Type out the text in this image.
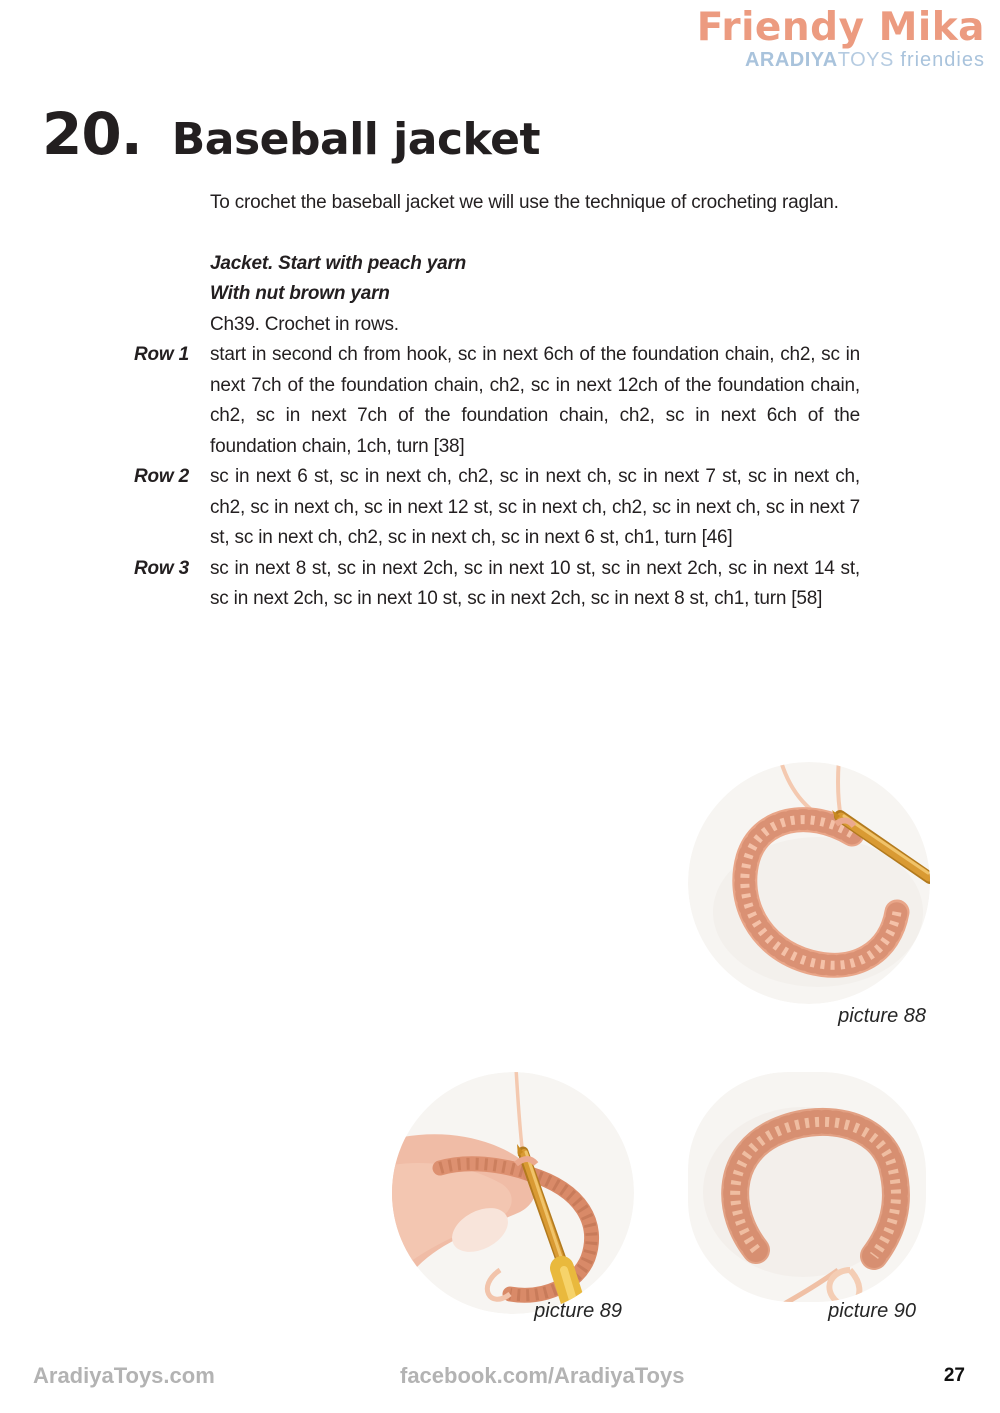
Friendy Mika
ARADIYATOYS friendies
20. Baseball jacket

To crochet the baseball jacket we will use the technique of crocheting raglan.

Jacket. Start with peach yarn

With nut brown yarn

Ch39. Crochet in rows.

Row 1 start in second ch from hook, sc in next 6ch of the foundation chain, ch2, sc in next 7ch of the foundation chain, ch2, sc in next 12ch of the foundation chain, ch2, sc in next 7ch of the foundation chain, ch2, sc in next 6ch of the foundation chain, 1ch, turn [38]
Row 2 sc in next 6 st, sc in next ch, ch2, sc in next ch, sc in next 7 st, sc in next ch, ch2, sc in next ch, sc in next 12 st, sc in next ch, ch2, sc in next ch, sc in next 7 st, sc in next ch, ch2, sc in next ch, sc in next 6 st, ch1, turn [46]
Row 3 sc in next 8 st, sc in next 2ch, sc in next 10 st, sc in next 2ch, sc in next 14 st, sc in next 2ch, sc in next 10 st, sc in next 2ch, sc in next 8 st, ch1, turn [58]
picture 88
picture 89	picture 90
AradiyaToys.com	facebook.com/AradiyaToys	27
